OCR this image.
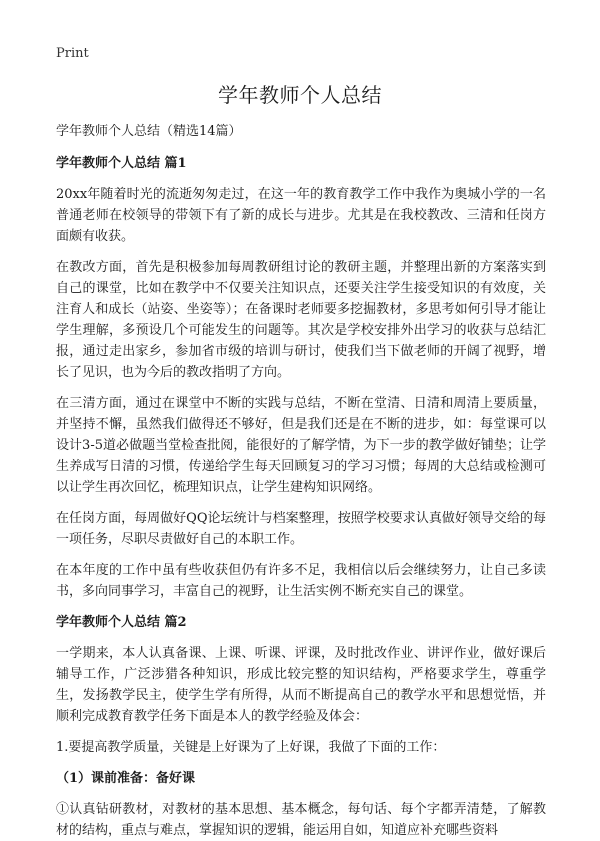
Print
学年教师个人总结

学年教师个人总结（精选14篇）

学年教师个人总结 篇1

20xx年随着时光的流逝匆匆走过，在这一年的教育教学工作中我作为奥城小学的一名普通老师在校领导的带领下有了新的成长与进步。尤其是在我校教改、三清和任岗方面颇有收获。

在教改方面，首先是积极参加每周教研组讨论的教研主题，并整理出新的方案落实到自己的课堂，比如在教学中不仅要关注知识点，还要关注学生接受知识的有效度，关注育人和成长（站姿、坐姿等）；在备课时老师要多挖掘教材，多思考如何引导才能让学生理解，多预设几个可能发生的问题等。其次是学校安排外出学习的收获与总结汇报，通过走出家乡，参加省市级的培训与研讨，使我们当下做老师的开阔了视野，增长了见识，也为今后的教改指明了方向。

在三清方面，通过在课堂中不断的实践与总结，不断在堂清、日清和周清上要质量，并坚持不懈，虽然我们做得还不够好，但是我们还是在不断的进步，如：每堂课可以设计3-5道必做题当堂检查批阅，能很好的了解学情，为下一步的教学做好铺垫；让学生养成写日清的习惯，传递给学生每天回顾复习的学习习惯；每周的大总结或检测可以让学生再次回忆，梳理知识点，让学生建构知识网络。

在任岗方面，每周做好QQ论坛统计与档案整理，按照学校要求认真做好领导交给的每一项任务，尽职尽责做好自己的本职工作。

在本年度的工作中虽有些收获但仍有许多不足，我相信以后会继续努力，让自己多读书，多向同事学习，丰富自己的视野，让生活实例不断充实自己的课堂。

学年教师个人总结 篇2

一学期来，本人认真备课、上课、听课、评课，及时批改作业、讲评作业，做好课后辅导工作，广泛涉猎各种知识，形成比较完整的知识结构，严格要求学生，尊重学生，发扬教学民主，使学生学有所得，从而不断提高自己的教学水平和思想觉悟，并顺利完成教育教学任务下面是本人的教学经验及体会：

1.要提高教学质量，关键是上好课为了上好课，我做了下面的工作：

（1）课前准备：备好课

①认真钻研教材，对教材的基本思想、基本概念，每句话、每个字都弄清楚，了解教材的结构，重点与难点，掌握知识的逻辑，能运用自如，知道应补充哪些资料
